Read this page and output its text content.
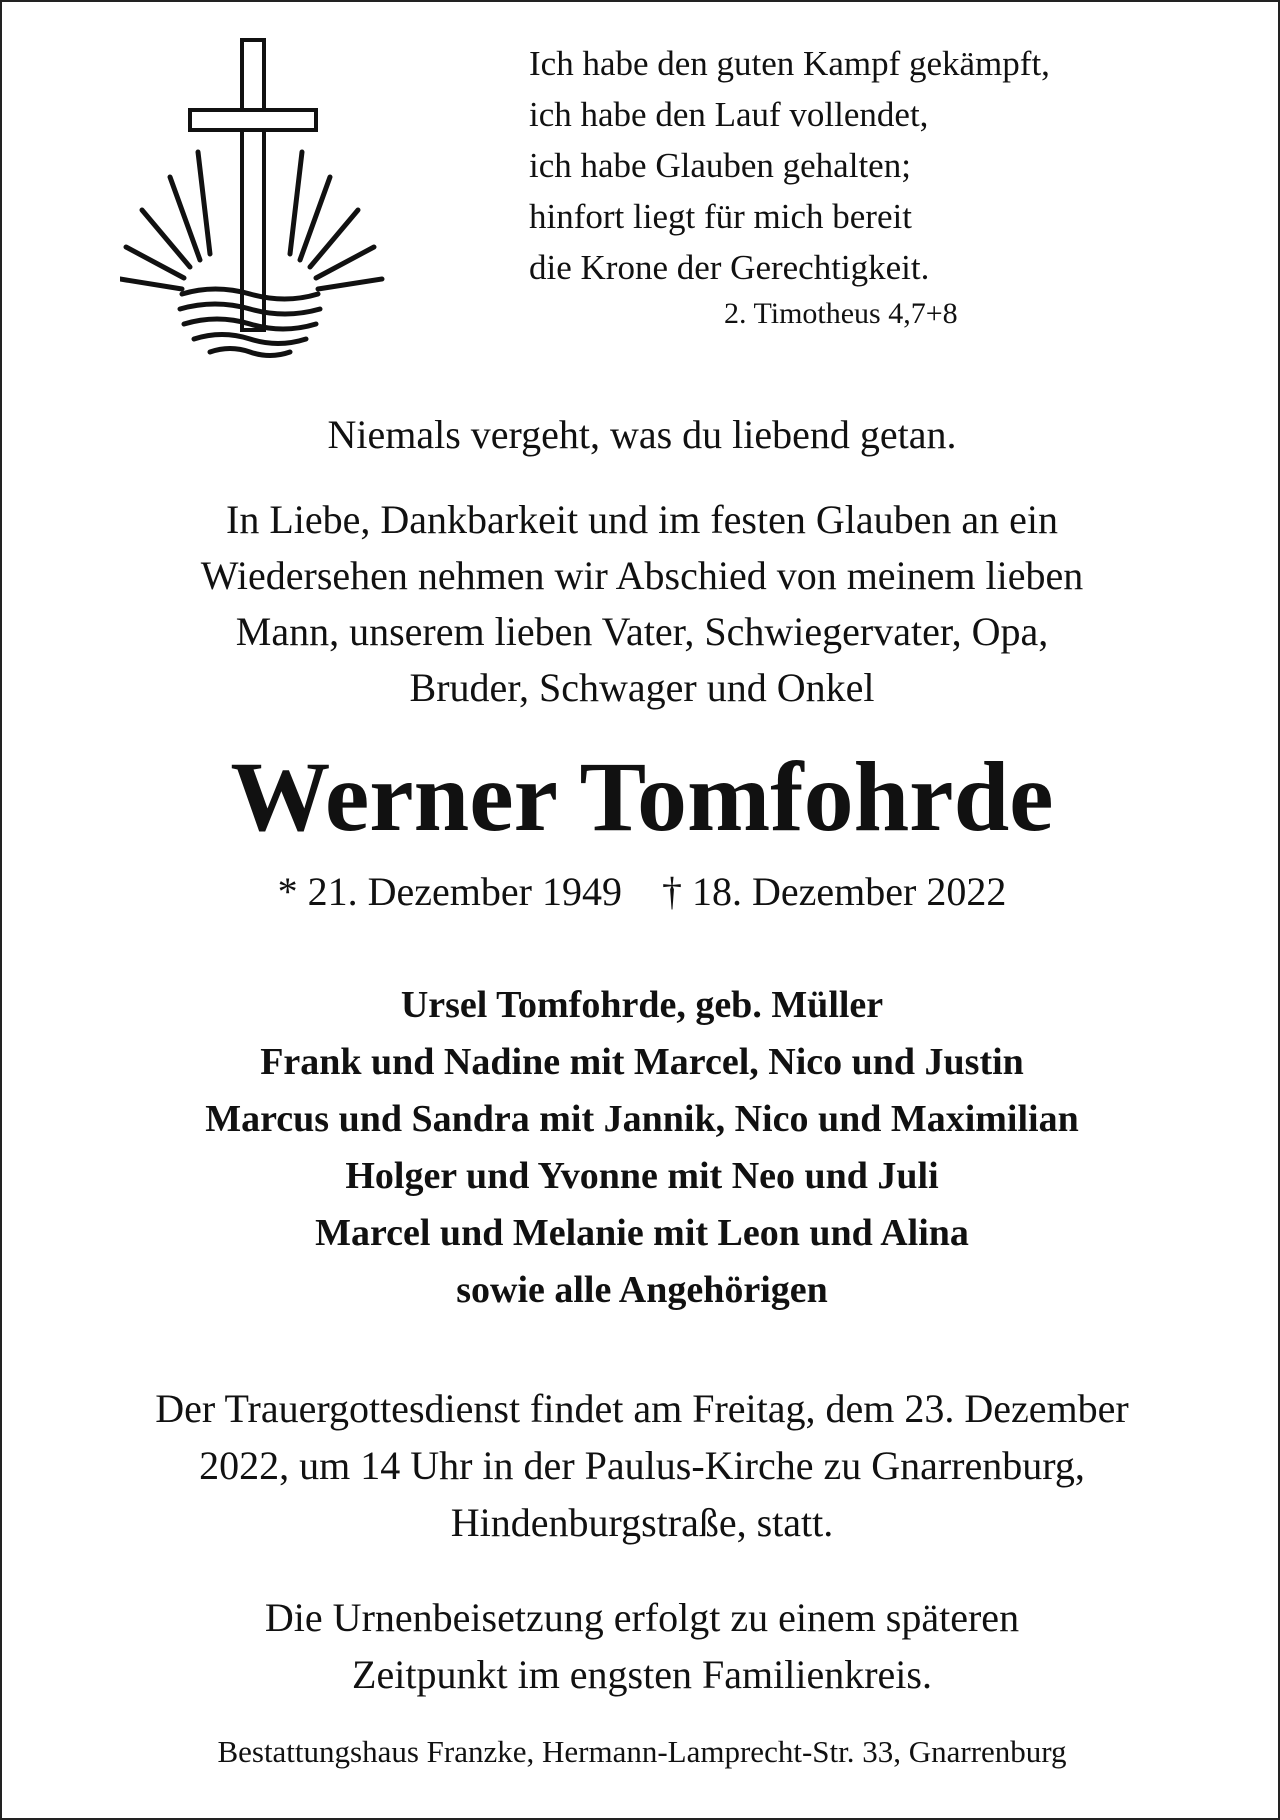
Ich habe den guten Kampf gekämpft,
ich habe den Lauf vollendet,
ich habe Glauben gehalten;
hinfort liegt für mich bereit
die Krone der Gerechtigkeit.
2. Timotheus 4,7+8
Niemals vergeht, was du liebend getan.
In Liebe, Dankbarkeit und im festen Glauben an ein
Wiedersehen nehmen wir Abschied von meinem lieben
Mann, unserem lieben Vater, Schwiegervater, Opa,
Bruder, Schwager und Onkel
Werner Tomfohrde
* 21. Dezember 1949 † 18. Dezember 2022
Ursel Tomfohrde, geb. Müller
Frank und Nadine mit Marcel, Nico und Justin
Marcus und Sandra mit Jannik, Nico und Maximilian
Holger und Yvonne mit Neo und Juli
Marcel und Melanie mit Leon und Alina
sowie alle Angehörigen
Der Trauergottesdienst findet am Freitag, dem 23. Dezember
2022, um 14 Uhr in der Paulus-Kirche zu Gnarrenburg,
Hindenburgstraße, statt.
Die Urnenbeisetzung erfolgt zu einem späteren
Zeitpunkt im engsten Familienkreis.
Bestattungshaus Franzke, Hermann-Lamprecht-Str. 33, Gnarrenburg
